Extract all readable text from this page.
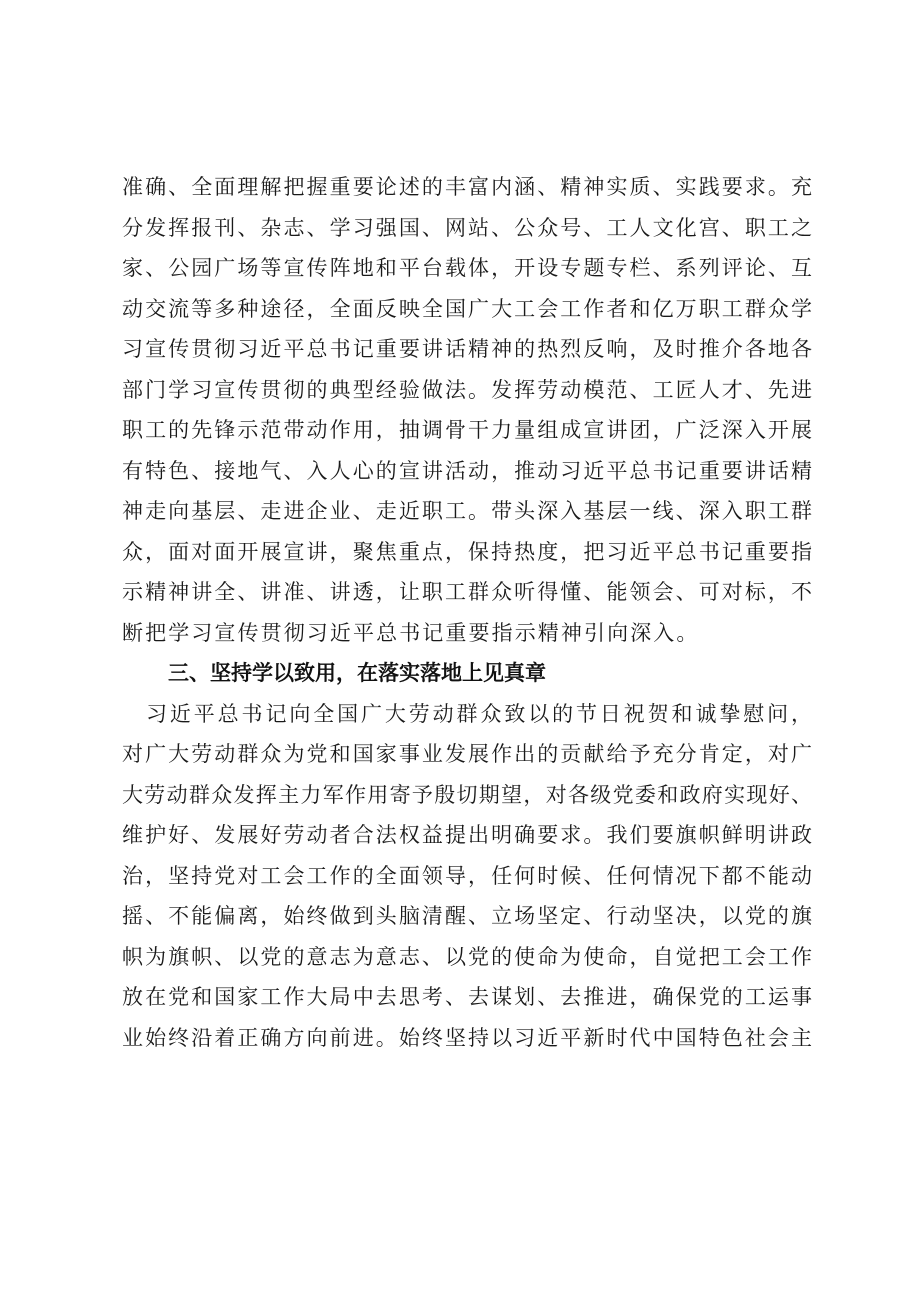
准确、全面理解把握重要论述的丰富内涵、精神实质、实践要求。充
分发挥报刊、杂志、学习强国、网站、公众号、工人文化宫、职工之
家、公园广场等宣传阵地和平台载体，开设专题专栏、系列评论、互
动交流等多种途径，全面反映全国广大工会工作者和亿万职工群众学
习宣传贯彻习近平总书记重要讲话精神的热烈反响，及时推介各地各
部门学习宣传贯彻的典型经验做法。发挥劳动模范、工匠人才、先进
职工的先锋示范带动作用，抽调骨干力量组成宣讲团，广泛深入开展
有特色、接地气、入人心的宣讲活动，推动习近平总书记重要讲话精
神走向基层、走进企业、走近职工。带头深入基层一线、深入职工群
众，面对面开展宣讲，聚焦重点，保持热度，把习近平总书记重要指
示精神讲全、讲准、讲透，让职工群众听得懂、能领会、可对标，不
断把学习宣传贯彻习近平总书记重要指示精神引向深入。
三、坚持学以致用，在落实落地上见真章
习近平总书记向全国广大劳动群众致以的节日祝贺和诚挚慰问，
对广大劳动群众为党和国家事业发展作出的贡献给予充分肯定，对广
大劳动群众发挥主力军作用寄予殷切期望，对各级党委和政府实现好、
维护好、发展好劳动者合法权益提出明确要求。我们要旗帜鲜明讲政
治，坚持党对工会工作的全面领导，任何时候、任何情况下都不能动
摇、不能偏离，始终做到头脑清醒、立场坚定、行动坚决，以党的旗
帜为旗帜、以党的意志为意志、以党的使命为使命，自觉把工会工作
放在党和国家工作大局中去思考、去谋划、去推进，确保党的工运事
业始终沿着正确方向前进。始终坚持以习近平新时代中国特色社会主
